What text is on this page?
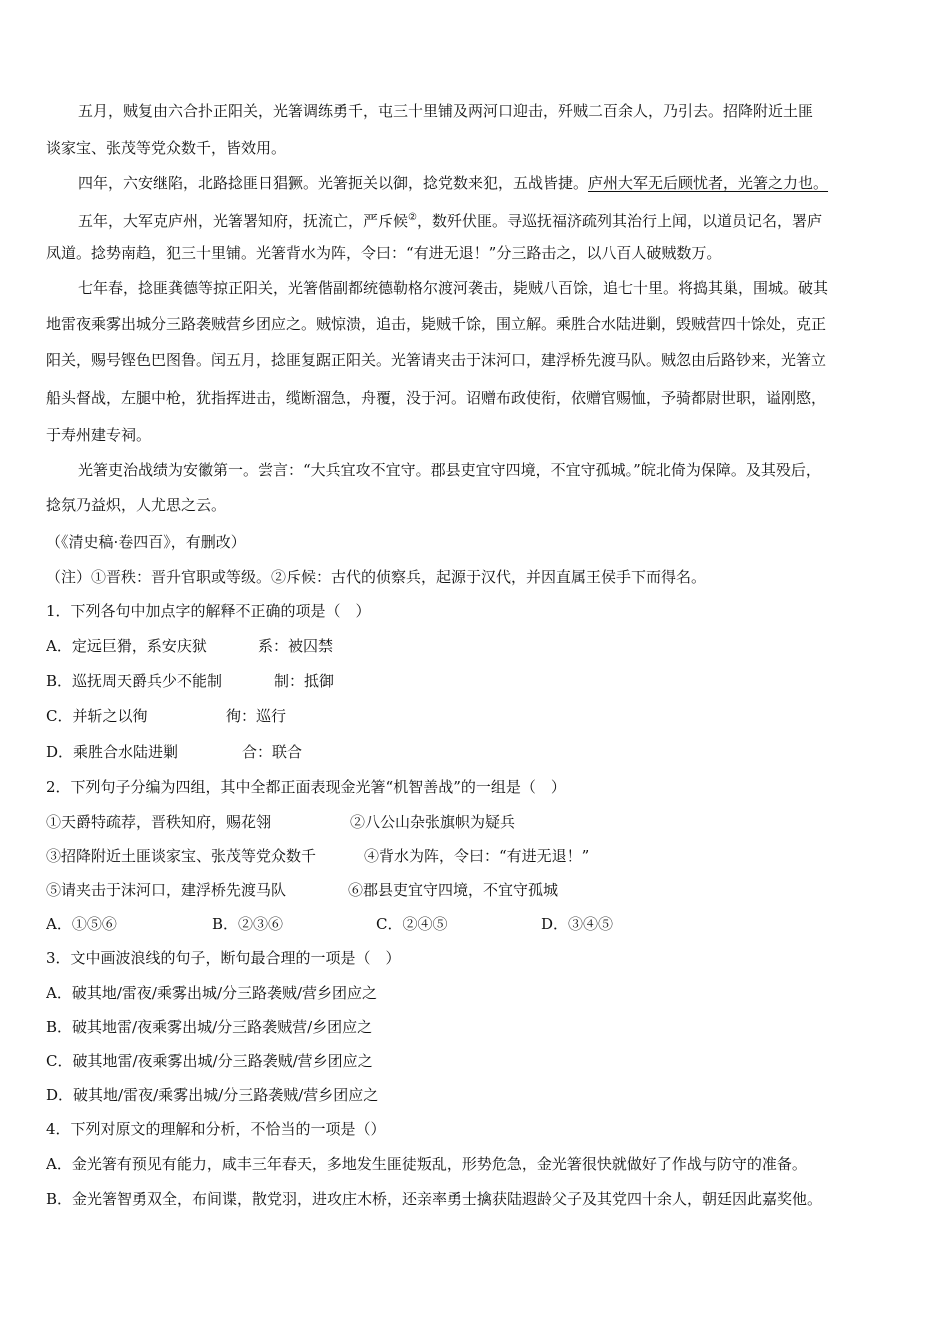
五月，贼复由六合扑正阳关，光箸调练勇千，屯三十里铺及两河口迎击，歼贼二百余人，乃引去。招降附近土匪
谈家宝、张茂等党众数千，皆效用。
四年，六安继陷，北路捻匪日猖獗。光箸扼关以御，捻党数来犯，五战皆捷。庐州大军无后顾忧者，光箸之力也。
五年，大军克庐州，光箸署知府，抚流亡，严斥候②，数歼伏匪。寻巡抚福济疏列其治行上闻，以道员记名，署庐
凤道。捻势南趋，犯三十里铺。光箸背水为阵，令曰：“有进无退！”分三路击之，以八百人破贼数万。
七年春，捻匪龚德等掠正阳关，光箸偕副都统德勒格尔渡河袭击，毙贼八百馀，追七十里。将捣其巢，围城。破其
地雷夜乘雾出城分三路袭贼营乡团应之。贼惊溃，追击，毙贼千馀，围立解。乘胜合水陆进剿，毁贼营四十馀处，克正
阳关，赐号铿色巴图鲁。闰五月，捻匪复踞正阳关。光箸请夹击于沫河口，建浮桥先渡马队。贼忽由后路钞来，光箸立
船头督战，左腿中枪，犹指挥进击，缆断溜急，舟覆，没于河。诏赠布政使衔，依赠官赐恤，予骑都尉世职，谥刚愍，
于寿州建专祠。
光箸吏治战绩为安徽第一。尝言：“大兵宜攻不宜守。郡县吏宜守四境，不宜守孤城。”皖北倚为保障。及其殁后，
捻氛乃益炽，人尤思之云。
（《清史稿·卷四百》，有删改）
（注）①晋秩：晋升官职或等级。②斥候：古代的侦察兵，起源于汉代，并因直属王侯手下而得名。
1．下列各句中加点字的解释不正确的项是（　）
A．定远巨猾，系安庆狱	系：被囚禁
B．巡抚周天爵兵少不能制	制：抵御
C．并斩之以徇	徇：巡行
D．乘胜合水陆进剿	合：联合
2．下列句子分编为四组，其中全都正面表现金光箸“机智善战”的一组是（　）
①天爵特疏荐，晋秩知府，赐花翎	②八公山杂张旗帜为疑兵
③招降附近土匪谈家宝、张茂等党众数千	④背水为阵，令曰：“有进无退！”
⑤请夹击于沫河口，建浮桥先渡马队	⑥郡县吏宜守四境，不宜守孤城
A．①⑤⑥	B．②③⑥	C．②④⑤	D．③④⑤
3．文中画波浪线的句子，断句最合理的一项是（　）
A．破其地/雷夜/乘雾出城/分三路袭贼/营乡团应之
B．破其地雷/夜乘雾出城/分三路袭贼营/乡团应之
C．破其地雷/夜乘雾出城/分三路袭贼/营乡团应之
D．破其地/雷夜/乘雾出城/分三路袭贼/营乡团应之
4．下列对原文的理解和分析，不恰当的一项是（）
A．金光箸有预见有能力，咸丰三年春天，多地发生匪徒叛乱，形势危急，金光箸很快就做好了作战与防守的准备。
B．金光箸智勇双全，布间谍，散党羽，进攻庄木桥，还亲率勇士擒获陆遐龄父子及其党四十余人，朝廷因此嘉奖他。
